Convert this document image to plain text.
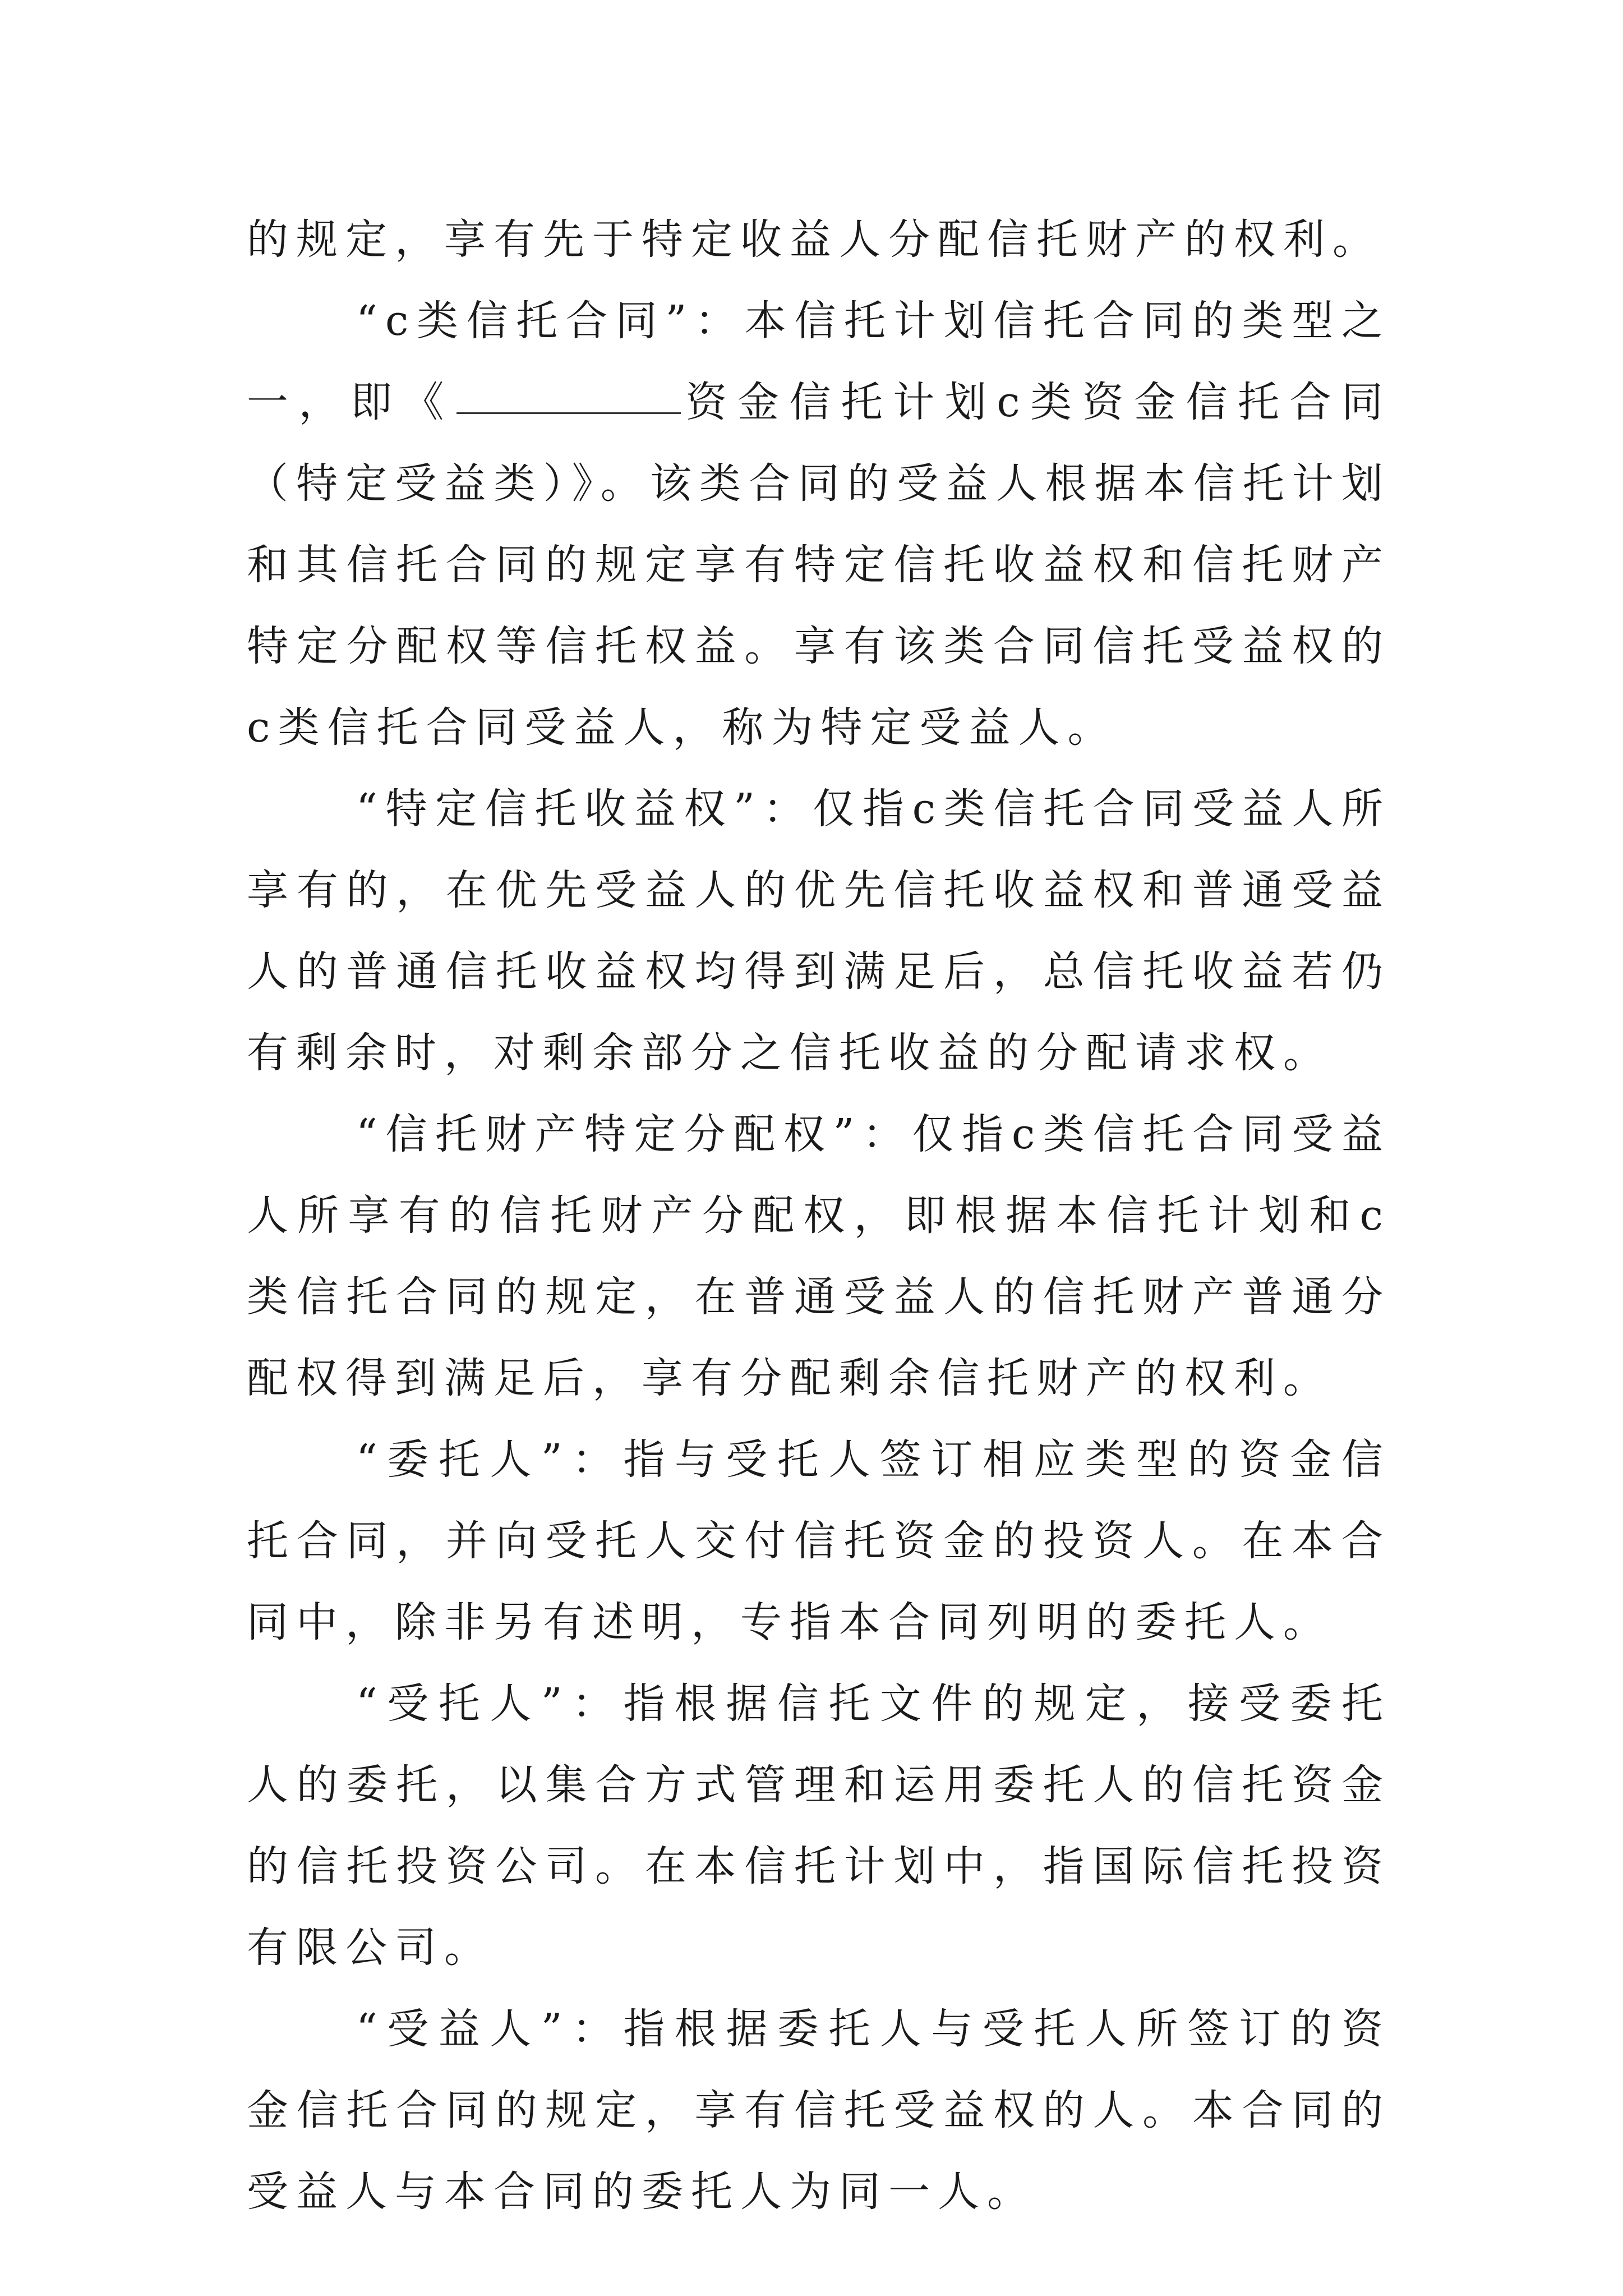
的规定，享有先于特定收益人分配信托财产的权利。

“c类信托合同”：本信托计划信托合同的类型之一，即《	资金信托计划c类资金信托合同（特定受益类）》。该类合同的受益人根据本信托计划和其信托合同的规定享有特定信托收益权和信托财产特定分配权等信托权益。享有该类合同信托受益权的c类信托合同受益人，称为特定受益人。

“特定信托收益权”：仅指c类信托合同受益人所享有的，在优先受益人的优先信托收益权和普通受益人的普通信托收益权均得到满足后，总信托收益若仍有剩余时，对剩余部分之信托收益的分配请求权。

“信托财产特定分配权”：仅指c类信托合同受益人所享有的信托财产分配权，即根据本信托计划和c类信托合同的规定，在普通受益人的信托财产普通分配权得到满足后，享有分配剩余信托财产的权利。

“委托人”：指与受托人签订相应类型的资金信托合同，并向受托人交付信托资金的投资人。在本合同中，除非另有述明，专指本合同列明的委托人。

“受托人”：指根据信托文件的规定，接受委托人的委托，以集合方式管理和运用委托人的信托资金的信托投资公司。在本信托计划中，指国际信托投资有限公司。

“受益人”：指根据委托人与受托人所签订的资金信托合同的规定，享有信托受益权的人。本合同的受益人与本合同的委托人为同一人。
